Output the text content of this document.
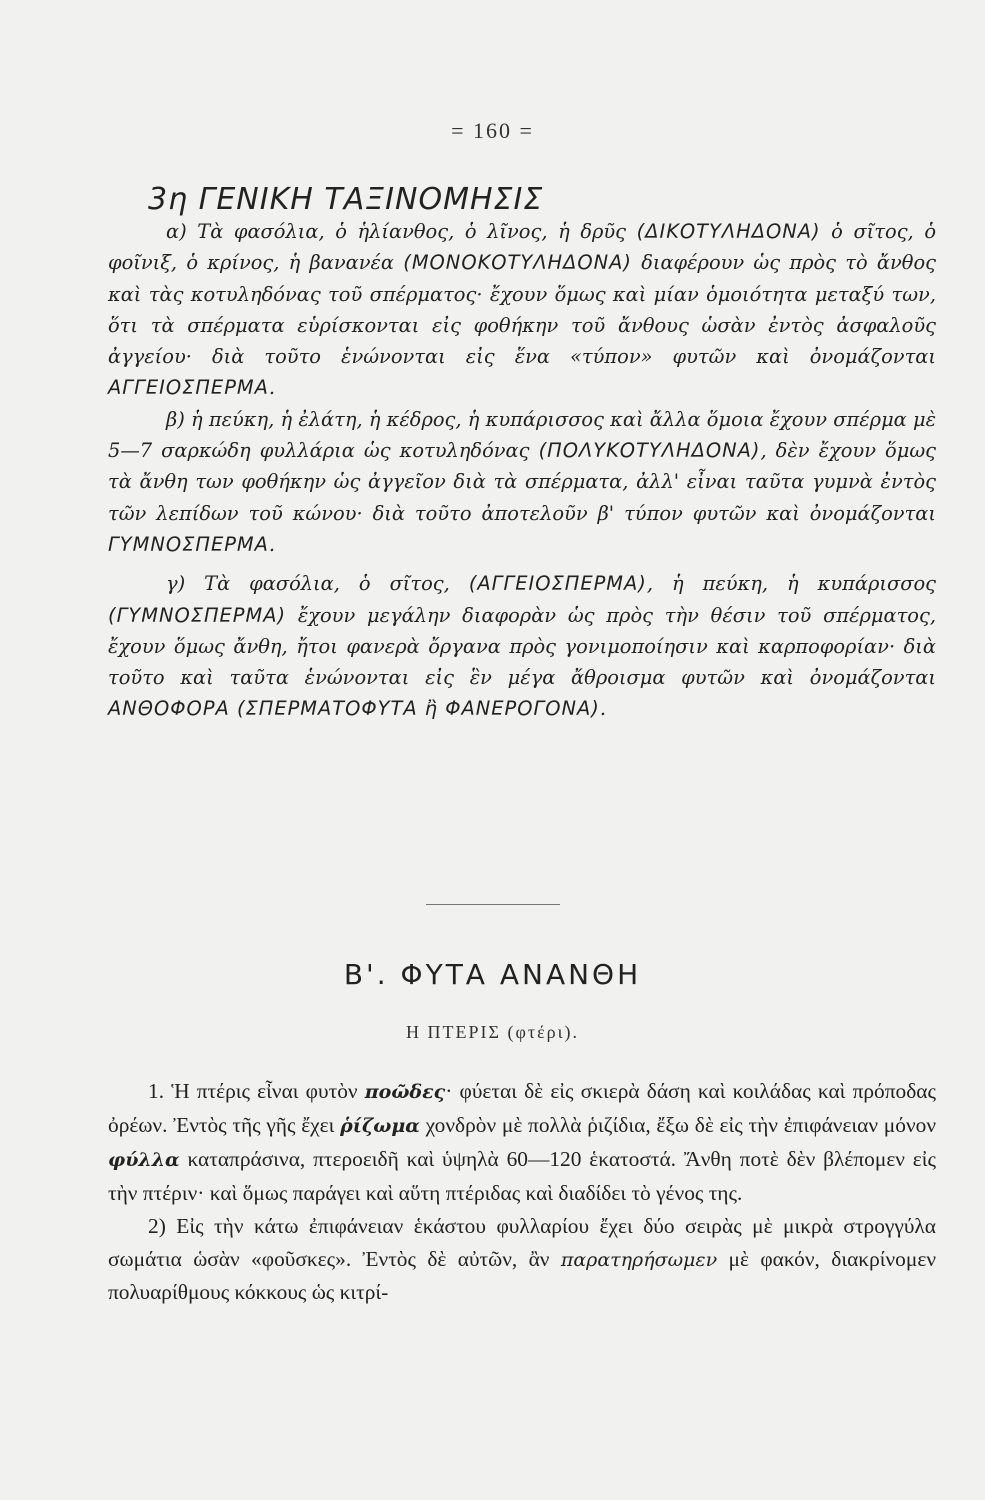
= 160 =
3η ΓΕΝΙΚΗ ΤΑΞΙΝΟΜΗΣΙΣ

α) Τὰ φασόλια, ὁ ἡλίανθος, ὁ λῖνος, ἡ δρῦς (ΔΙΚΟΤΥΛΗΔΟΝΑ) ὁ σῖτος, ὁ φοῖνιξ, ὁ κρίνος, ἡ βανανέα (ΜΟΝΟΚΟΤΥΛΗΔΟΝΑ) διαφέρουν ὡς πρὸς τὸ ἄνθος καὶ τὰς κοτυληδόνας τοῦ σπέρματος· ἔχουν ὅμως καὶ μίαν ὁμοιότητα μεταξύ των, ὅτι τὰ σπέρματα εὑρίσκονται εἰς φοθήκην τοῦ ἄνθους ὡσὰν ἐντὸς ἀσφαλοῦς ἀγγείου· διὰ τοῦτο ἑνώνονται εἰς ἕνα «τύπον» φυτῶν καὶ ὀνομάζονται ΑΓΓΕΙΟΣΠΕΡΜΑ.

β) ἡ πεύκη, ἡ ἐλάτη, ἡ κέδρος, ἡ κυπάρισσος καὶ ἄλλα ὅμοια ἔχουν σπέρμα μὲ 5—7 σαρκώδη φυλλάρια ὡς κοτυληδόνας (ΠΟΛΥΚΟΤΥΛΗΔΟΝΑ), δὲν ἔχουν ὅμως τὰ ἄνθη των φοθήκην ὡς ἀγγεῖον διὰ τὰ σπέρματα, ἀλλ' εἶναι ταῦτα γυμνὰ ἐντὸς τῶν λεπίδων τοῦ κώνου· διὰ τοῦτο ἀποτελοῦν β' τύπον φυτῶν καὶ ὀνομάζονται ΓΥΜΝΟΣΠΕΡΜΑ.

γ) Τὰ φασόλια, ὁ σῖτος, (ΑΓΓΕΙΟΣΠΕΡΜΑ), ἡ πεύκη, ἡ κυπάρισσος (ΓΥΜΝΟΣΠΕΡΜΑ) ἔχουν μεγάλην διαφορὰν ὡς πρὸς τὴν θέσιν τοῦ σπέρματος, ἔχουν ὅμως ἄνθη, ἤτοι φανερὰ ὄργανα πρὸς γονιμοποίησιν καὶ καρποφορίαν· διὰ τοῦτο καὶ ταῦτα ἑνώνονται εἰς ἓν μέγα ἄθροισμα φυτῶν καὶ ὀνομάζονται ΑΝΘΟΦΟΡΑ (ΣΠΕΡΜΑΤΟΦΥΤΑ ἢ ΦΑΝΕΡΟΓΟΝΑ).

Β'. ΦΥΤΑ ΑΝΑΝΘΗ
Η ΠΤΕΡΙΣ (φτέρι).

1. Ἡ πτέρις εἶναι φυτὸν ποῶδες· φύεται δὲ εἰς σκιερὰ δάση καὶ κοιλάδας καὶ πρόποδας ὀρέων. Ἐντὸς τῆς γῆς ἔχει ῥίζωμα χονδρὸν μὲ πολλὰ ῥιζίδια, ἔξω δὲ εἰς τὴν ἐπιφάνειαν μόνον φύλλα καταπράσινα, πτεροειδῆ καὶ ὑψηλὰ 60—120 ἑκατοστά. Ἄνθη ποτὲ δὲν βλέπομεν εἰς τὴν πτέριν· καὶ ὅμως παράγει καὶ αὕτη πτέριδας καὶ διαδίδει τὸ γένος της.

2) Εἰς τὴν κάτω ἐπιφάνειαν ἑκάστου φυλλαρίου ἔχει δύο σειρὰς μὲ μικρὰ στρογγύλα σωμάτια ὡσὰν «φοῦσκες». Ἐντὸς δὲ αὐτῶν, ἂν παρατηρήσωμεν μὲ φακόν, διακρίνομεν πολυαρίθμους κόκκους ὡς κιτρί-
